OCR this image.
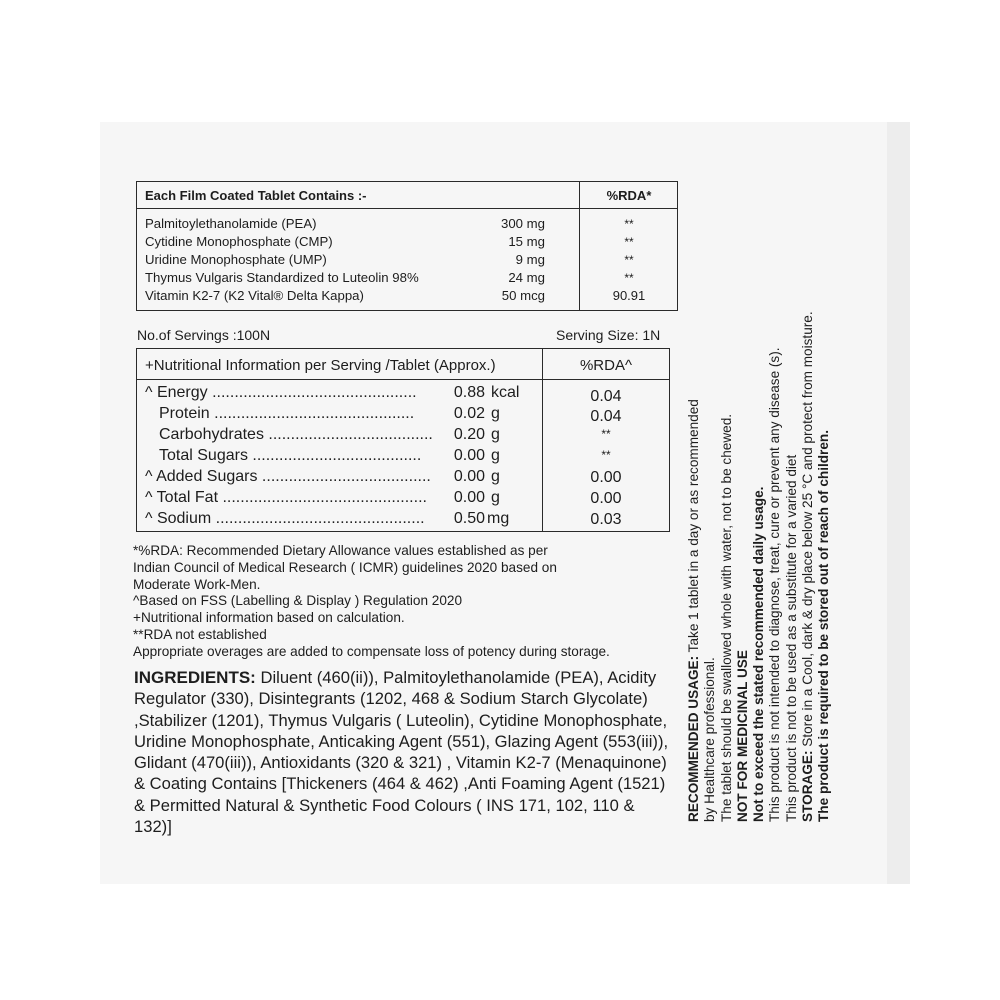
Each Film Coated Tablet Contains :-	%RDA*
Palmitoylethanolamide (PEA)	300 mg	**
Cytidine Monophosphate (CMP)	15 mg	**
Uridine Monophosphate (UMP)	9 mg	**
Thymus Vulgaris Standardized to Luteolin 98%	24 mg	**
Vitamin K2-7 (K2 Vital® Delta Kappa)	50 mcg	90.91
No.of Servings :100N	Serving Size: 1N
+Nutritional Information per Serving /Tablet (Approx.)	%RDA^
^ Energy ..............................................	0.88 kcal	0.04
Protein .............................................	0.02 g	0.04
Carbohydrates .....................................	0.20 g	**
Total Sugars ......................................	0.00 g	**
^ Added Sugars ......................................	0.00 g	0.00
^ Total Fat ..............................................	0.00 g	0.00
^ Sodium ...............................................	0.50 mg	0.03
*%RDA: Recommended Dietary Allowance values established as per
Indian Council of Medical Research ( ICMR) guidelines 2020 based on
Moderate Work-Men.
^Based on FSS (Labelling & Display ) Regulation 2020
+Nutritional information based on calculation.
**RDA not established
Appropriate overages are added to compensate loss of potency during storage.
INGREDIENTS: Diluent (460(ii)), Palmitoylethanolamide (PEA), Acidity Regulator (330), Disintegrants (1202, 468 & Sodium Starch Glycolate) ,Stabilizer (1201), Thymus Vulgaris ( Luteolin), Cytidine Monophosphate, Uridine Monophosphate, Anticaking Agent (551), Glazing Agent (553(iii)), Glidant (470(iii)), Antioxidants (320 & 321) , Vitamin K2-7 (Menaquinone) & Coating Contains [Thickeners (464 & 462) ,Anti Foaming Agent (1521) & Permitted Natural & Synthetic Food Colours ( INS 171, 102, 110 & 132)]
RECOMMENDED USAGE: Take 1 tablet in a day or as recommended
by Healthcare professional. The tablet should be swallowed whole with water, not to be chewed. NOT FOR MEDICINAL USE Not to exceed the stated recommended daily usage. This product is not intended to diagnose, treat, cure or prevent any disease (s). This product is not to be used as a substitute for a varied diet STORAGE: Store in a Cool, dark & dry place below 25 °C and protect from moisture. The product is required to be stored out of reach of children.
